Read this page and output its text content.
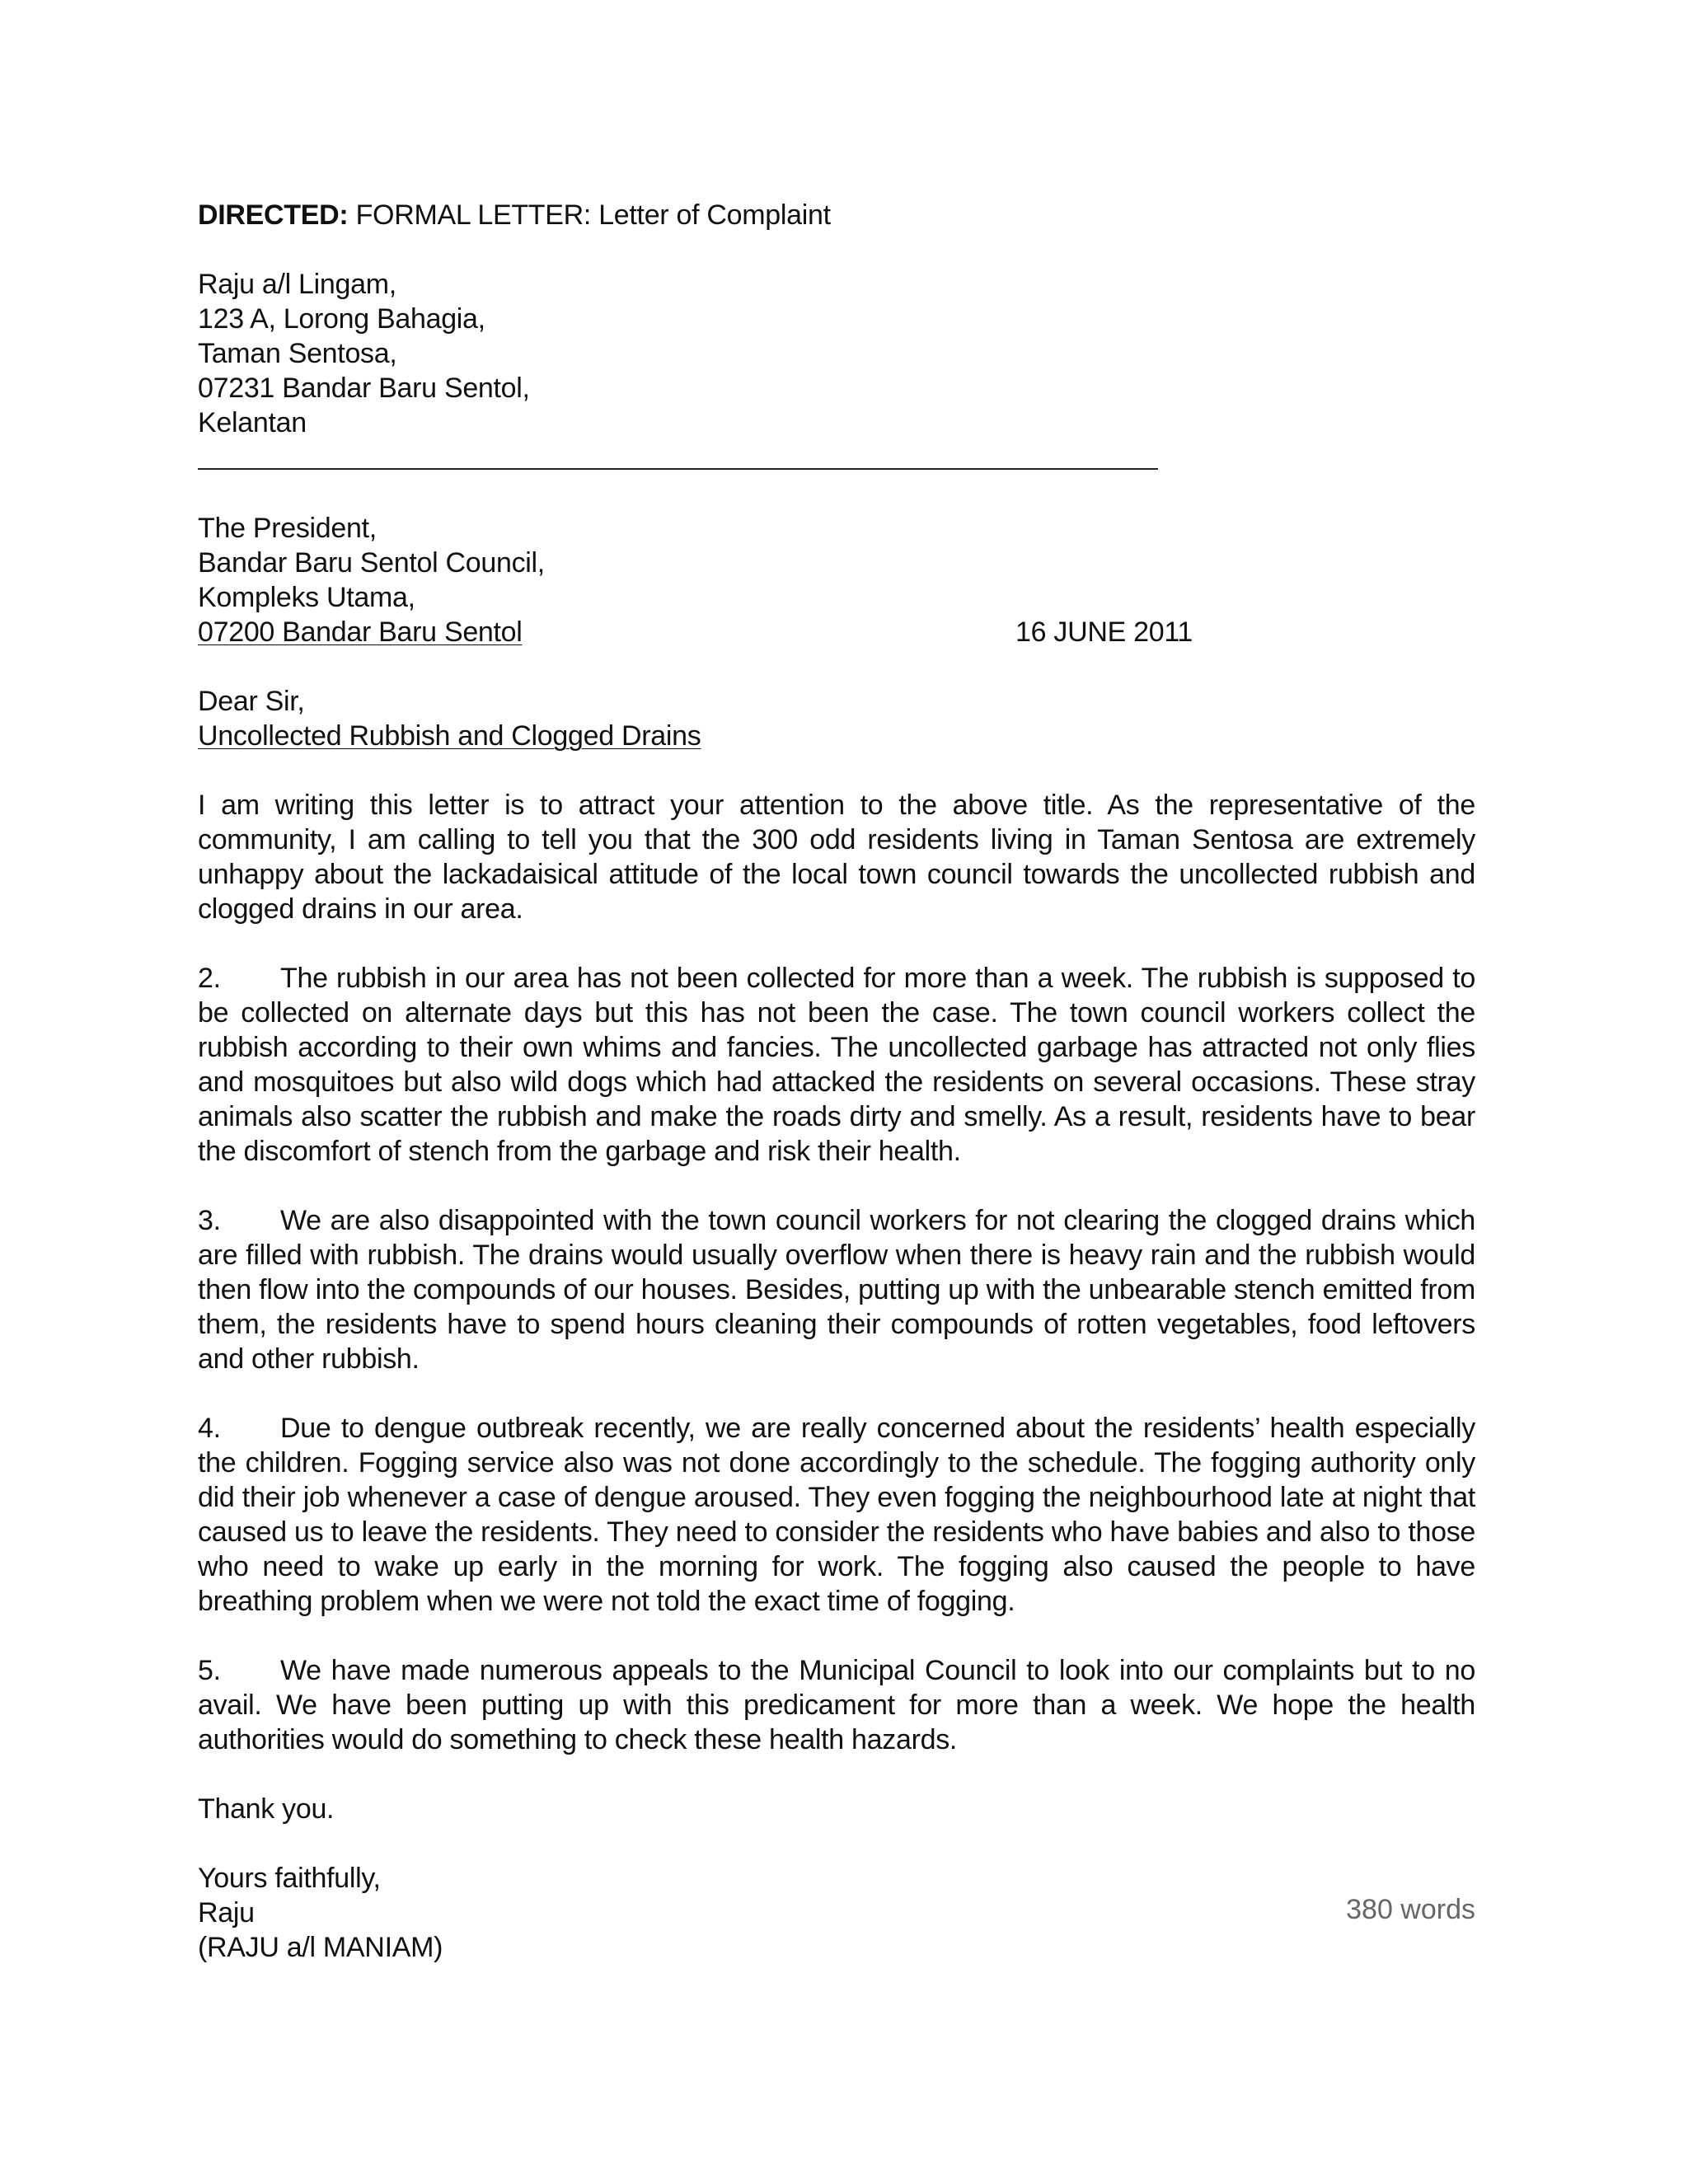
DIRECTED: FORMAL LETTER: Letter of Complaint

Raju a/l Lingam,
123 A, Lorong Bahagia,
Taman Sentosa,
07231 Bandar Baru Sentol,
Kelantan
The President,
Bandar Baru Sentol Council,
Kompleks Utama,
07200 Bandar Baru Sentol	16 JUNE 2011
Dear Sir,
Uncollected Rubbish and Clogged Drains

I am writing this letter is to attract your attention to the above title. As the representative of the community, I am calling to tell you that the 300 odd residents living in Taman Sentosa are extremely unhappy about the lackadaisical attitude of the local town council towards the uncollected rubbish and clogged drains in our area.

2. The rubbish in our area has not been collected for more than a week. The rubbish is supposed to be collected on alternate days but this has not been the case. The town council workers collect the rubbish according to their own whims and fancies. The uncollected garbage has attracted not only flies and mosquitoes but also wild dogs which had attacked the residents on several occasions. These stray animals also scatter the rubbish and make the roads dirty and smelly. As a result, residents have to bear the discomfort of stench from the garbage and risk their health.

3. We are also disappointed with the town council workers for not clearing the clogged drains which are filled with rubbish. The drains would usually overflow when there is heavy rain and the rubbish would then flow into the compounds of our houses. Besides, putting up with the unbearable stench emitted from them, the residents have to spend hours cleaning their compounds of rotten vegetables, food leftovers and other rubbish.

4. Due to dengue outbreak recently, we are really concerned about the residents’ health especially the children. Fogging service also was not done accordingly to the schedule. The fogging authority only did their job whenever a case of dengue aroused. They even fogging the neighbourhood late at night that caused us to leave the residents. They need to consider the residents who have babies and also to those who need to wake up early in the morning for work. The fogging also caused the people to have breathing problem when we were not told the exact time of fogging.

5. We have made numerous appeals to the Municipal Council to look into our complaints but to no avail. We have been putting up with this predicament for more than a week. We hope the health authorities would do something to check these health hazards.

Thank you.
Yours faithfully,
Raju
(RAJU a/l MANIAM)
380 words
